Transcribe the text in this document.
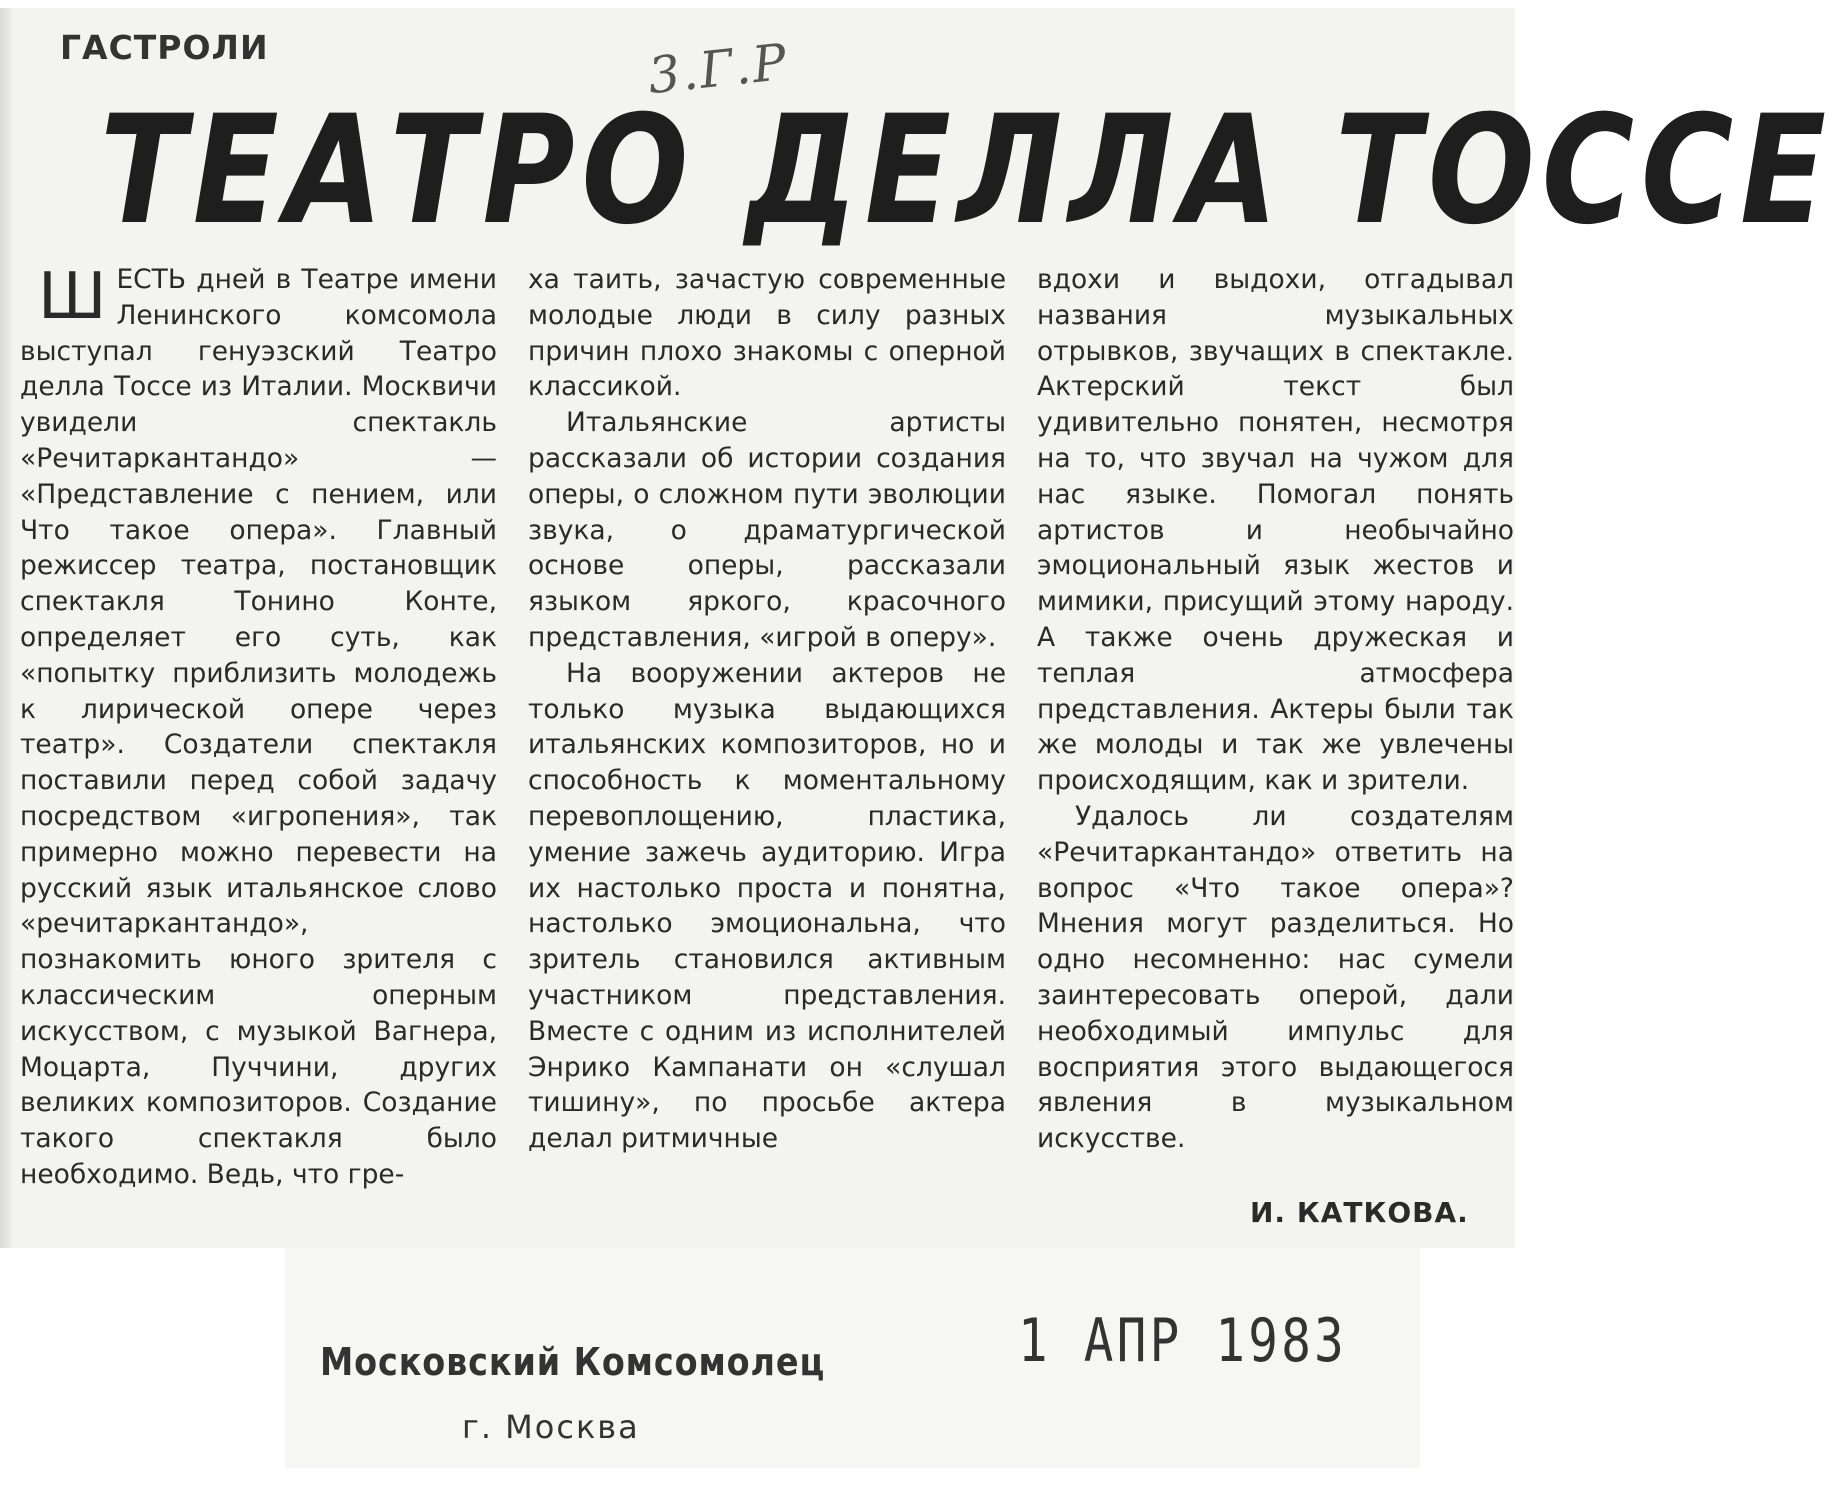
ГАСТРОЛИ	3.Г.Р
ТЕАТРО ДЕЛЛА ТОССЕ
Ш ЕСТЬ дней в Театре имени Ленинского комсомола выступал генуэзский Театро делла Тоссе из Италии. Москвичи увидели спектакль «Речитаркантандо» — «Представление с пением, или Что такое опера». Главный режиссер театра, постановщик спектакля Тонино Конте, определяет его суть, как «попытку приблизить молодежь к лирической опере через театр». Создатели спектакля поставили перед собой задачу посредством «игропения», так примерно можно перевести на русский язык итальянское слово «речитаркантандо», познакомить юного зрителя с классическим оперным искусством, с музыкой Вагнера, Моцарта, Пуччини, других великих композиторов. Создание такого спектакля было необходимо. Ведь, что гре-

ха таить, зачастую современные молодые люди в силу разных причин плохо знакомы с оперной классикой.

Итальянские артисты рассказали об истории создания оперы, о сложном пути эволюции звука, о драматургической основе оперы, рассказали языком яркого, красочного представления, «игрой в оперу».

На вооружении актеров не только музыка выдающихся итальянских композиторов, но и способность к моментальному перевоплощению, пластика, умение зажечь аудиторию. Игра их настолько проста и понятна, настолько эмоциональна, что зритель становился активным участником представления. Вместе с одним из исполнителей Энрико Кампанати он «слушал тишину», по просьбе актера делал ритмичные

вдохи и выдохи, отгадывал названия музыкальных отрывков, звучащих в спектакле. Актерский текст был удивительно понятен, несмотря на то, что звучал на чужом для нас языке. Помогал понять артистов и необычайно эмоциональный язык жестов и мимики, присущий этому народу. А также очень дружеская и теплая атмосфера представления. Актеры были так же молоды и так же увлечены происходящим, как и зрители.

Удалось ли создателям «Речитаркантандо» ответить на вопрос «Что такое опера»? Мнения могут разделиться. Но одно несомненно: нас сумели заинтересовать оперой, дали необходимый импульс для восприятия этого выдающегося явления в музыкальном искусстве.

И. КАТКОВА.
Московский Комсомолец
г. Москва
1 АПР 1983
